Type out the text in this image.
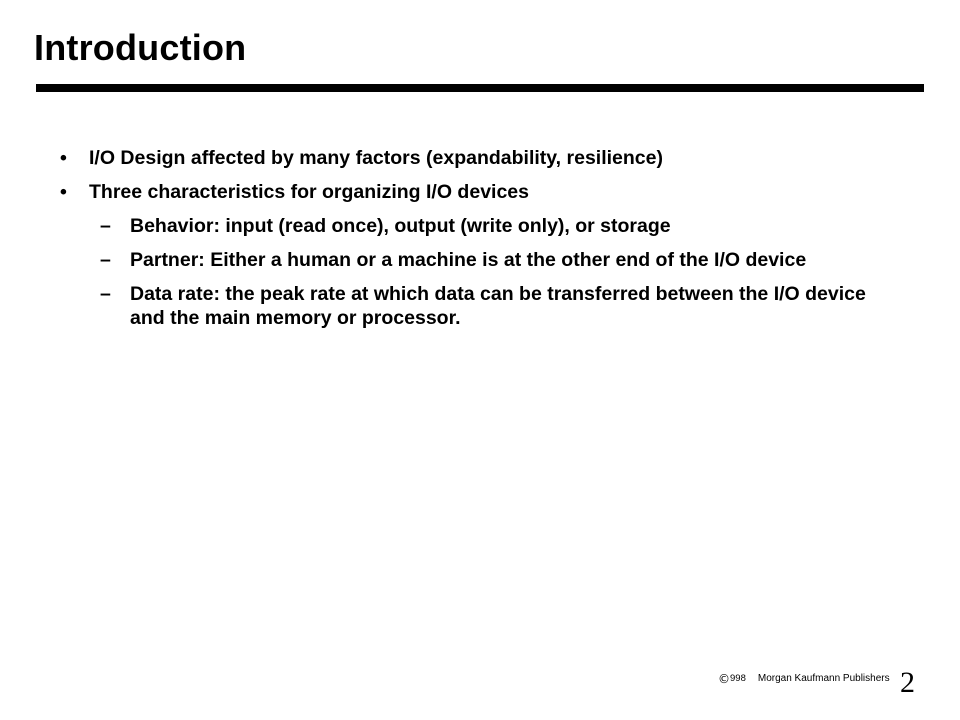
Introduction
•	I/O Design affected by many factors (expandability, resilience)
•	Three characteristics for organizing I/O devices
– Behavior: input (read once), output (write only), or storage
– Partner: Either a human or a machine is at the other end of the I/O device
– Data rate: the peak rate at which data can be transferred between the I/O device and the main memory or processor.
© 998 Morgan Kaufmann Publishers 2
